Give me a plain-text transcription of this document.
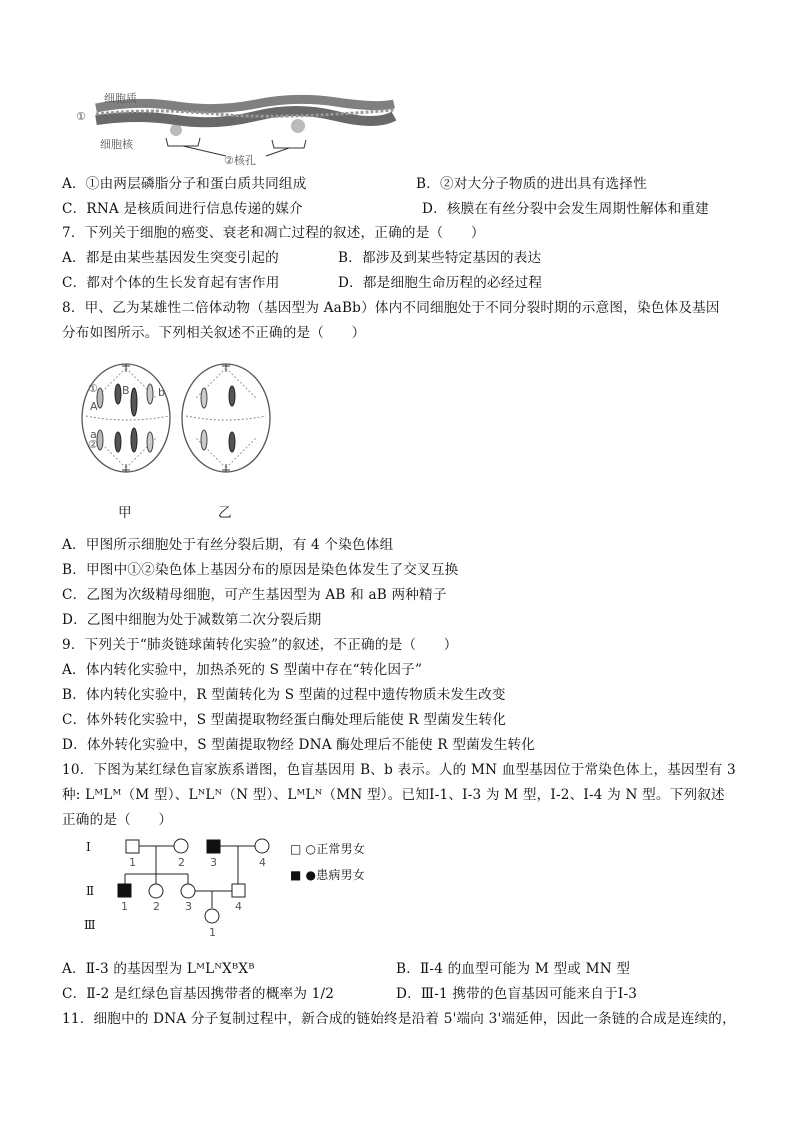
细胞质
①
细胞核
②核孔
A．①由两层磷脂分子和蛋白质共同组成	B．②对大分子物质的进出具有选择性
C．RNA 是核质间进行信息传递的媒介	D．核膜在有丝分裂中会发生周期性解体和重建
7．下列关于细胞的癌变、衰老和凋亡过程的叙述，正确的是（　　）
A．都是由某些基因发生突变引起的	B．都涉及到某些特定基因的表达
C．都对个体的生长发育起有害作用	D．都是细胞生命历程的必经过程
8．甲、乙为某雄性二倍体动物（基因型为 AaBb）体内不同细胞处于不同分裂时期的示意图，染色体及基因
分布如图所示。下列相关叙述不正确的是（　　）
①
②
A
a
B	b
甲	乙
A．甲图所示细胞处于有丝分裂后期，有 4 个染色体组
B．甲图中①②染色体上基因分布的原因是染色体发生了交叉互换
C．乙图为次级精母细胞，可产生基因型为 AB 和 aB 两种精子
D．乙图中细胞为处于减数第二次分裂后期
9．下列关于“肺炎链球菌转化实验”的叙述，不正确的是（　　）
A．体内转化实验中，加热杀死的 S 型菌中存在“转化因子”
B．体内转化实验中，R 型菌转化为 S 型菌的过程中遗传物质未发生改变
C．体外转化实验中，S 型菌提取物经蛋白酶处理后能使 R 型菌发生转化
D．体外转化实验中，S 型菌提取物经 DNA 酶处理后不能使 R 型菌发生转化
10．下图为某红绿色盲家族系谱图，色盲基因用 B、b 表示。人的 MN 血型基因位于常染色体上，基因型有 3
种: LᴹLᴹ（M 型）、LᴺLᴺ（N 型）、LᴹLᴺ（MN 型）。已知Ⅰ-1、Ⅰ-3 为 M 型，Ⅰ-2、Ⅰ-4 为 N 型。下列叙述
正确的是（　　）
Ⅰ
Ⅱ
Ⅲ
1	2 3	4
1 2 3	4
1
□ ○正常男女
■ ●患病男女
A．Ⅱ-3 的基因型为 LᴹLᴺXᴮXᴮ	B．Ⅱ-4 的血型可能为 M 型或 MN 型
C．Ⅱ-2 是红绿色盲基因携带者的概率为 1/2	D．Ⅲ-1 携带的色盲基因可能来自于Ⅰ-3
11．细胞中的 DNA 分子复制过程中，新合成的链始终是沿着 5'端向 3'端延伸，因此一条链的合成是连续的，
